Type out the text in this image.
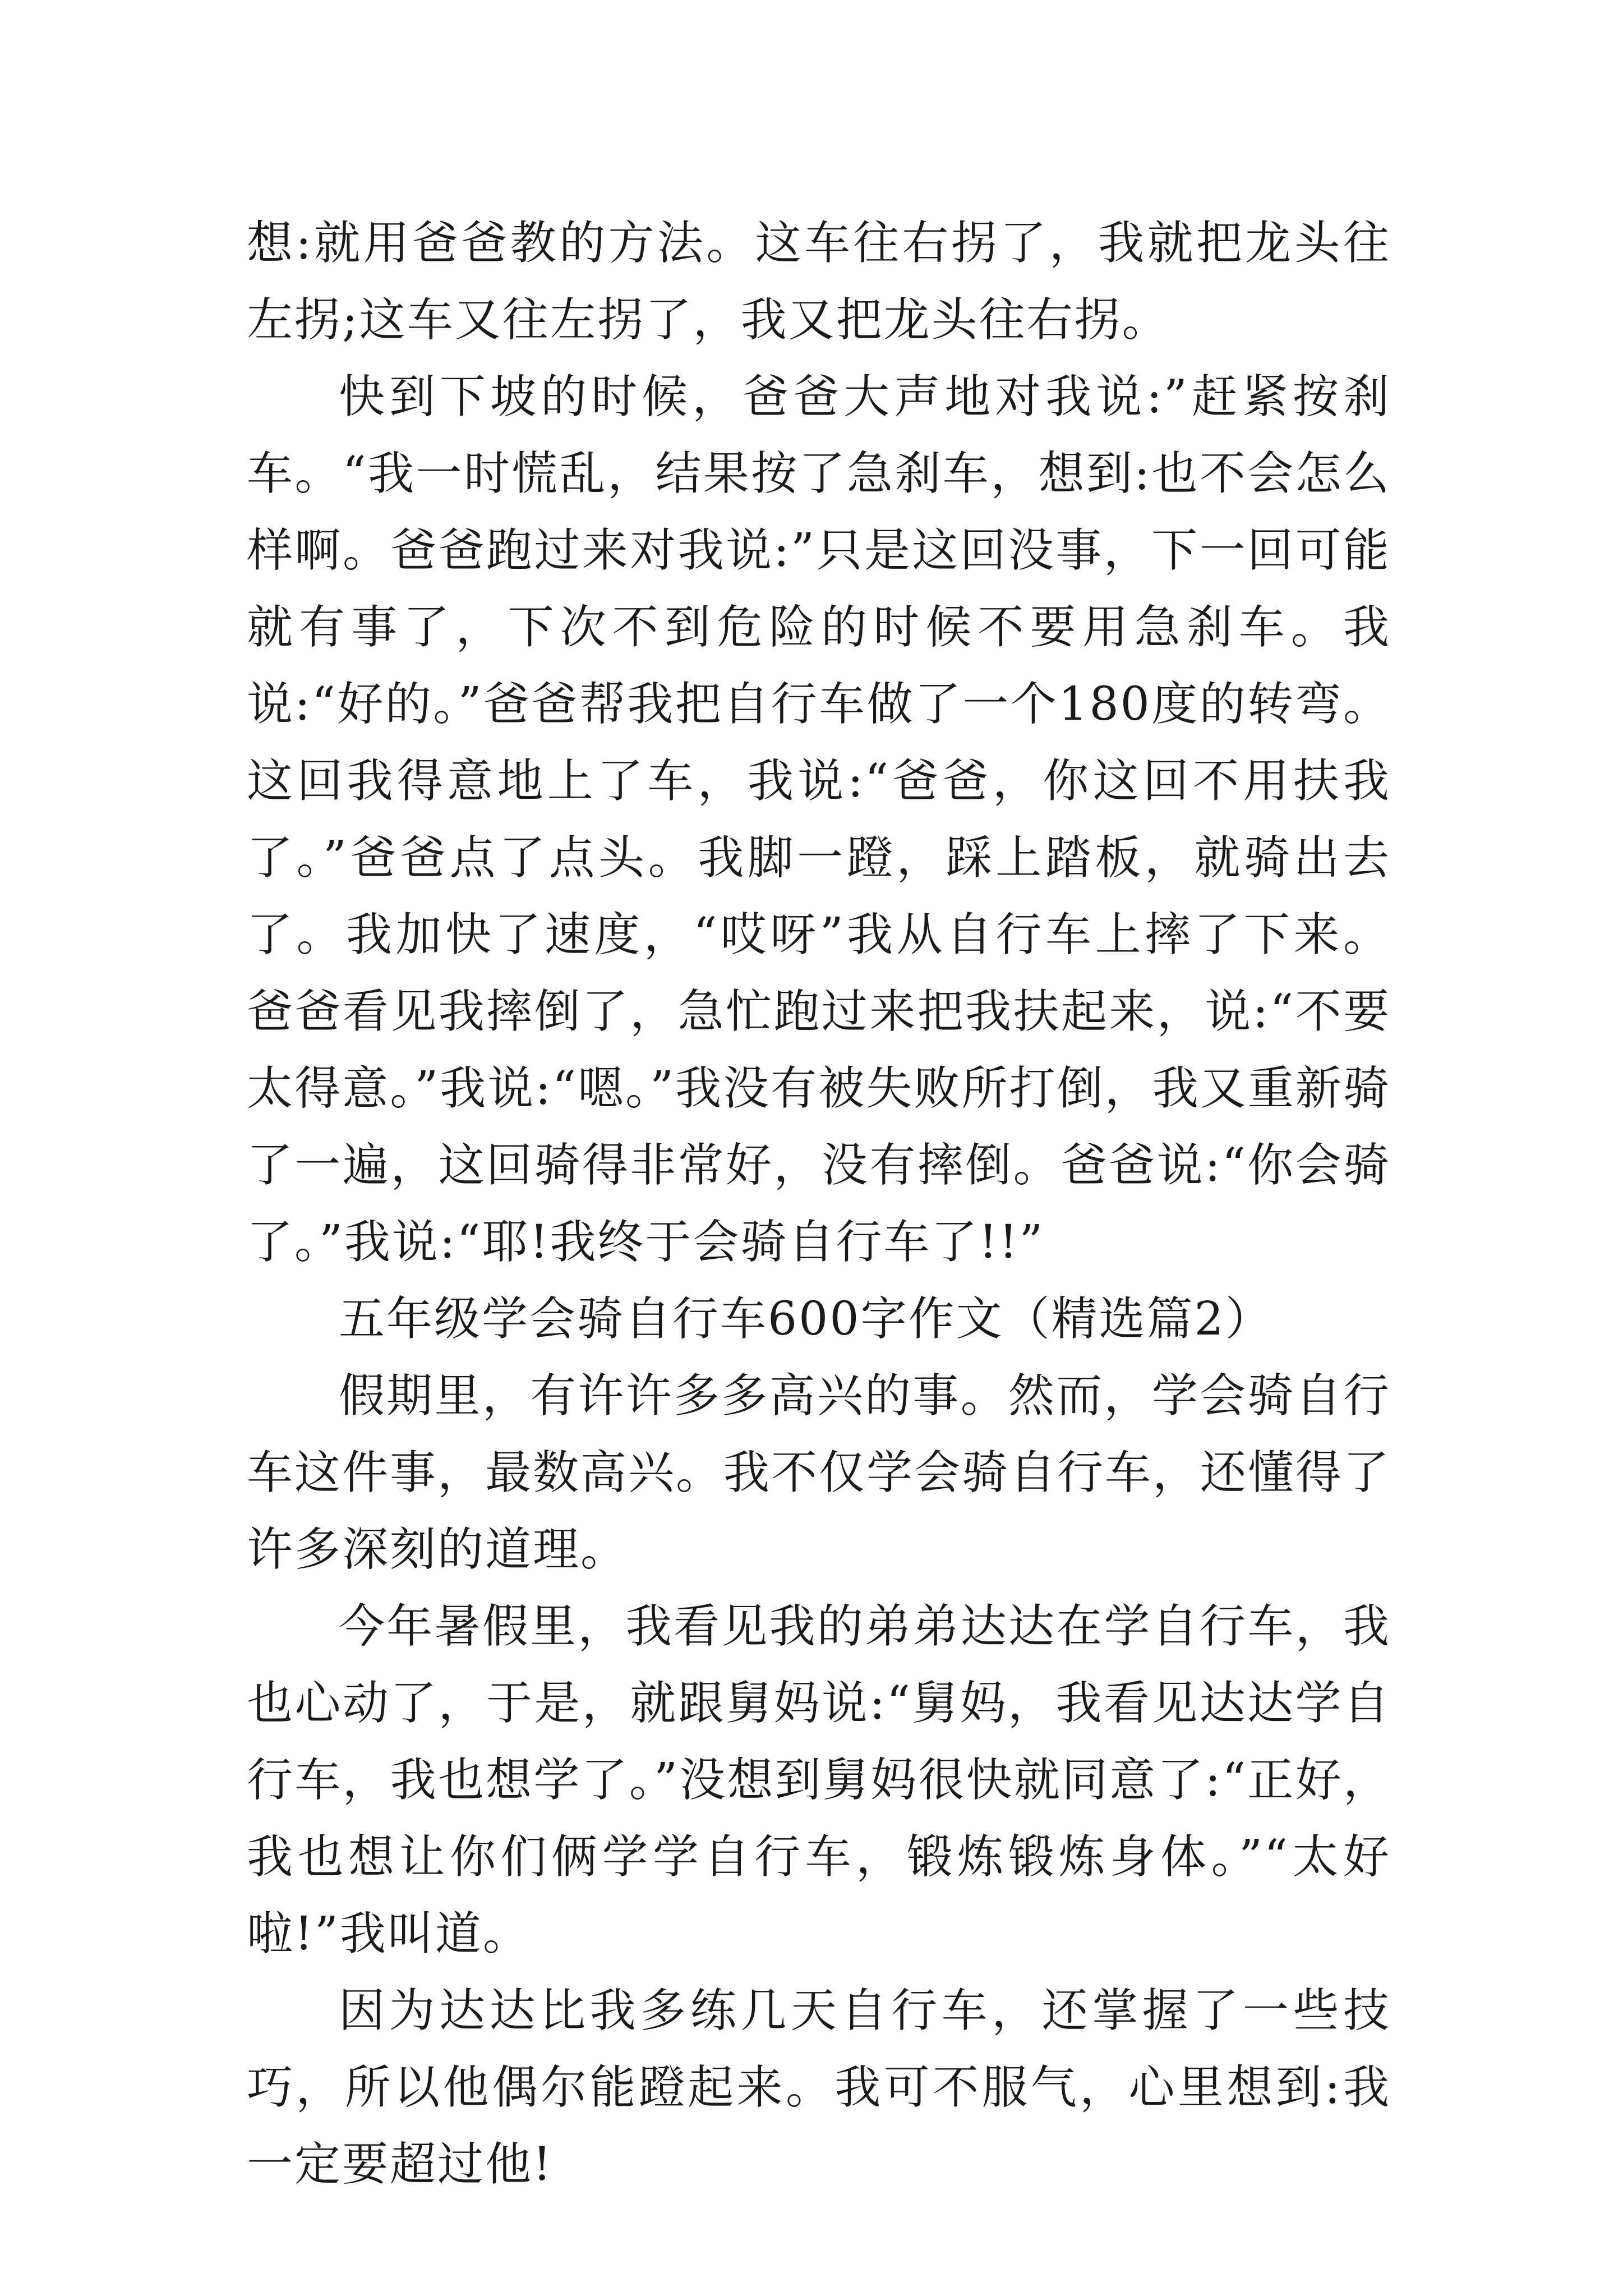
想:就用爸爸教的方法。这车往右拐了，我就把龙头往左拐;这车又往左拐了，我又把龙头往右拐。

快到下坡的时候，爸爸大声地对我说:”赶紧按刹车。“我一时慌乱，结果按了急刹车，想到:也不会怎么样啊。爸爸跑过来对我说:”只是这回没事，下一回可能就有事了，下次不到危险的时候不要用急刹车。我说:“好的。”爸爸帮我把自行车做了一个180度的转弯。这回我得意地上了车，我说:“爸爸，你这回不用扶我了。”爸爸点了点头。我脚一蹬，踩上踏板，就骑出去了。我加快了速度，“哎呀”我从自行车上摔了下来。爸爸看见我摔倒了，急忙跑过来把我扶起来，说:“不要太得意。”我说:“嗯。”我没有被失败所打倒，我又重新骑了一遍，这回骑得非常好，没有摔倒。爸爸说:“你会骑了。”我说:“耶!我终于会骑自行车了!!”

五年级学会骑自行车600字作文（精选篇2）

假期里，有许许多多高兴的事。然而，学会骑自行车这件事，最数高兴。我不仅学会骑自行车，还懂得了许多深刻的道理。

今年暑假里，我看见我的弟弟达达在学自行车，我也心动了，于是，就跟舅妈说:“舅妈，我看见达达学自行车，我也想学了。”没想到舅妈很快就同意了:“正好，我也想让你们俩学学自行车，锻炼锻炼身体。”“太好啦!”我叫道。

因为达达比我多练几天自行车，还掌握了一些技巧，所以他偶尔能蹬起来。我可不服气，心里想到:我一定要超过他!
